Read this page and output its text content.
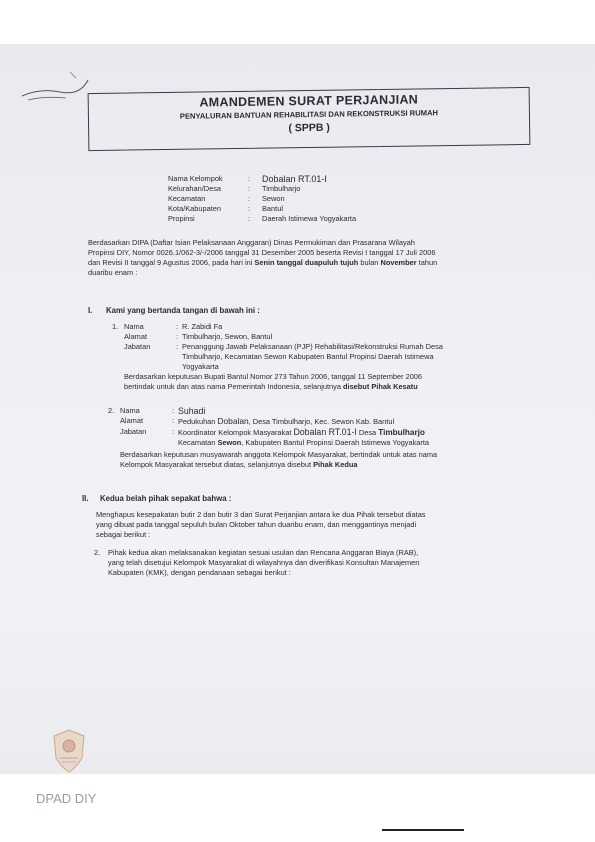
AMANDEMEN SURAT PERJANJIAN
PENYALURAN BANTUAN REHABILITASI DAN REKONSTRUKSI RUMAH
( SPPB )
Nama Kelompok	:	Dobalan RT.01-I
Kelurahan/Desa	:	Timbulharjo
Kecamatan	:	Sewon
Kota/Kabupaten	:	Bantul
Propinsi	:	Daerah Istimewa Yogyakarta
Berdasarkan DIPA (Daftar Isian Pelaksanaan Anggaran) Dinas Permukiman dan Prasarana Wilayah
Propinsi DIY, Nomor 0026.1/062-3/-/2006 tanggal 31 Desember 2005 beserta Revisi I tanggal 17 Juli 2006
dan Revisi II tanggal 9 Agustus 2006, pada hari ini Senin tanggal duapuluh tujuh bulan November tahun
duaribu enam :
I. Kami yang bertanda tangan di bawah ini :
1. Nama	: R. Zabidi Fa
Alamat	: Timbulharjo, Sewon, Bantul
Jabatan	: Penanggung Jawab Pelaksanaan (PJP) Rehabilitasi/Rekonstruksi Rumah Desa
Timbulharjo, Kecamatan Sewon Kabupaten Bantul Propinsi Daerah Istimewa
Yogyakarta
Berdasarkan keputusan Bupati Bantul Nomor 273 Tahun 2006, tanggal 11 September 2006
bertindak untuk dan atas nama Pemerintah Indonesia, selanjutnya disebut Pihak Kesatu
2. Nama	: Suhadi
Alamat	: Pedukuhan Dobalan, Desa Timbulharjo, Kec. Sewon Kab. Bantul
Jabatan	: Koordinator Kelompok Masyarakat Dobalan RT.01-I Desa Timbulharjo
Kecamatan Sewon, Kabupaten Bantul Propinsi Daerah Istimewa Yogyakarta
Berdasarkan keputusan musyawarah anggota Kelompok Masyarakat, bertindak untuk atas nama
Kelompok Masyarakat tersebut diatas, selanjutnya disebut Pihak Kedua
II. Kedua belah pihak sepakat bahwa :
Menghapus kesepakatan butir 2 dan butir 3 dari Surat Perjanjian antara ke dua Pihak tersebut diatas
yang dibuat pada tanggal sepuluh bulan Oktober tahun duaribu enam, dan menggantinya menjadi
sebagai berikut :
2.	Pihak kedua akan melaksanakan kegiatan sesuai usulan dan Rencana Anggaran Biaya (RAB),
yang telah disetujui Kelompok Masyarakat di wilayahnya dan diverifikasi Konsultan Manajemen
Kabupaten (KMK), dengan pendanaan sebagai berikut :
DPAD DIY
